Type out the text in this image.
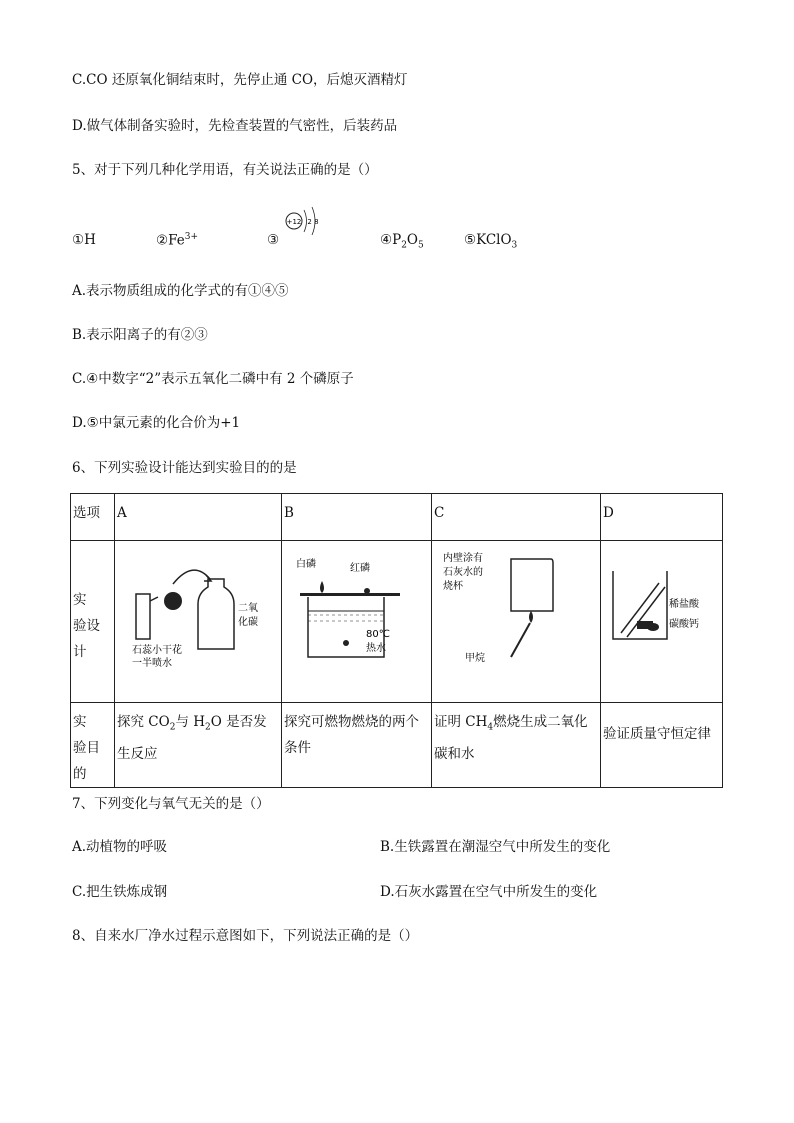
C.CO 还原氧化铜结束时，先停止通 CO，后熄灭酒精灯
D.做气体制备实验时，先检查装置的气密性，后装药品
5、对于下列几种化学用语，有关说法正确的是（）
①H	$②Fe^{3+}$	③
+12 2 8
$④P_2O_5$	⑤KClO$_3$
A.表示物质组成的化学式的有①④⑤
B.表示阳离子的有②③
C.④中数字“2”表示五氧化二磷中有 2 个磷原子
D.⑤中氯元素的化合价为+1
6、下列实验设计能达到实验目的的是
选项	A	B	C	D

实　验设计	石蕊小干花
一半喷水
二氧
化碳	白磷 红磷
80℃
热水	内壁涂有
石灰水的
烧杯
甲烷	稀盐酸
碳酸钙

实　验目的	探究 $CO_2$与 $H_2O$ 是否发生反应	探究可燃物燃烧的两个条件	证明 $CH_4$燃烧生成二氧化碳和水	验证质量守恒定律
7、下列变化与氧气无关的是（）
A.动植物的呼吸	B.生铁露置在潮湿空气中所发生的变化
C.把生铁炼成钢	D.石灰水露置在空气中所发生的变化
8、自来水厂净水过程示意图如下，下列说法正确的是（）
